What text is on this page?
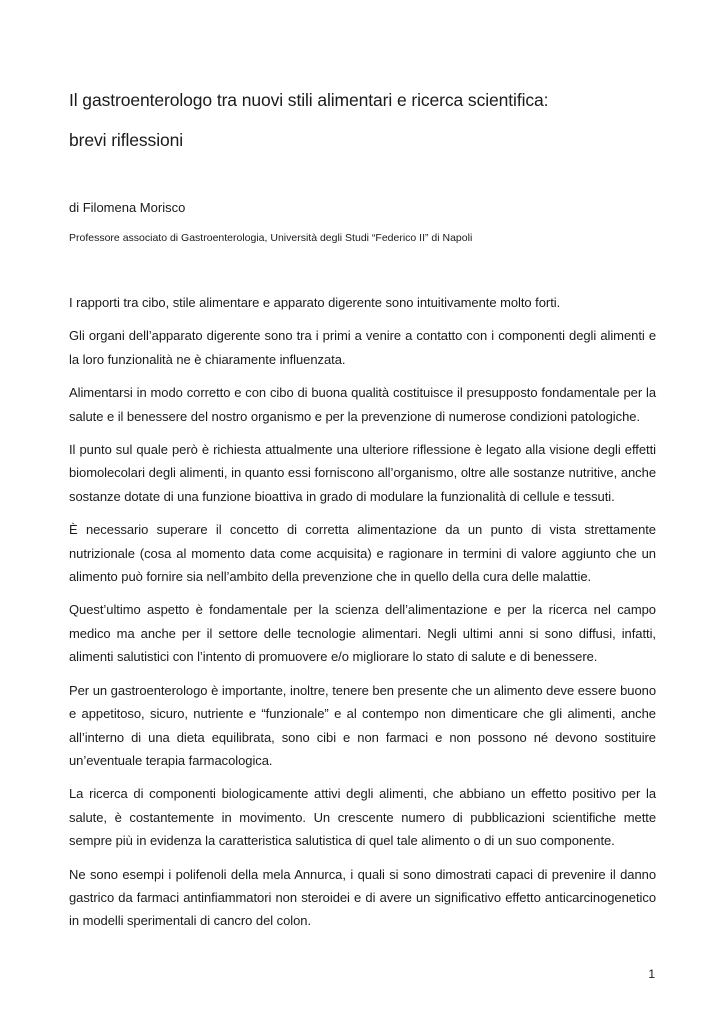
Il gastroenterologo tra nuovi stili alimentari e ricerca scientifica:
brevi riflessioni
di Filomena Morisco
Professore associato di Gastroenterologia, Università degli Studi “Federico II” di Napoli

I rapporti tra cibo, stile alimentare e apparato digerente sono intuitivamente molto forti.

Gli organi dell’apparato digerente sono tra i primi a venire a contatto con i componenti degli alimenti e la loro funzionalità ne è chiaramente influenzata.

Alimentarsi in modo corretto e con cibo di buona qualità costituisce il presupposto fondamentale per la salute e il benessere del nostro organismo e per la prevenzione di numerose condizioni patologiche.

Il punto sul quale però è richiesta attualmente una ulteriore riflessione è legato alla visione degli effetti biomolecolari degli alimenti, in quanto essi forniscono all’organismo, oltre alle sostanze nutritive, anche sostanze dotate di una funzione bioattiva in grado di modulare la funzionalità di cellule e tessuti.

È necessario superare il concetto di corretta alimentazione da un punto di vista strettamente nutrizionale (cosa al momento data come acquisita) e ragionare in termini di valore aggiunto che un alimento può fornire sia nell’ambito della prevenzione che in quello della cura delle malattie.

Quest’ultimo aspetto è fondamentale per la scienza dell’alimentazione e per la ricerca nel campo medico ma anche per il settore delle tecnologie alimentari. Negli ultimi anni si sono diffusi, infatti, alimenti salutistici con l’intento di promuovere e/o migliorare lo stato di salute e di benessere.

Per un gastroenterologo è importante, inoltre, tenere ben presente che un alimento deve essere buono e appetitoso, sicuro, nutriente e “funzionale” e al contempo non dimenticare che gli alimenti, anche all’interno di una dieta equilibrata, sono cibi e non farmaci e non possono né devono sostituire un’eventuale terapia farmacologica.

La ricerca di componenti biologicamente attivi degli alimenti, che abbiano un effetto positivo per la salute, è costantemente in movimento. Un crescente numero di pubblicazioni scientifiche mette sempre più in evidenza la caratteristica salutistica di quel tale alimento o di un suo componente.

Ne sono esempi i polifenoli della mela Annurca, i quali si sono dimostrati capaci di prevenire il danno gastrico da farmaci antinfiammatori non steroidei e di avere un significativo effetto anticarcinogenetico in modelli sperimentali di cancro del colon.

1
